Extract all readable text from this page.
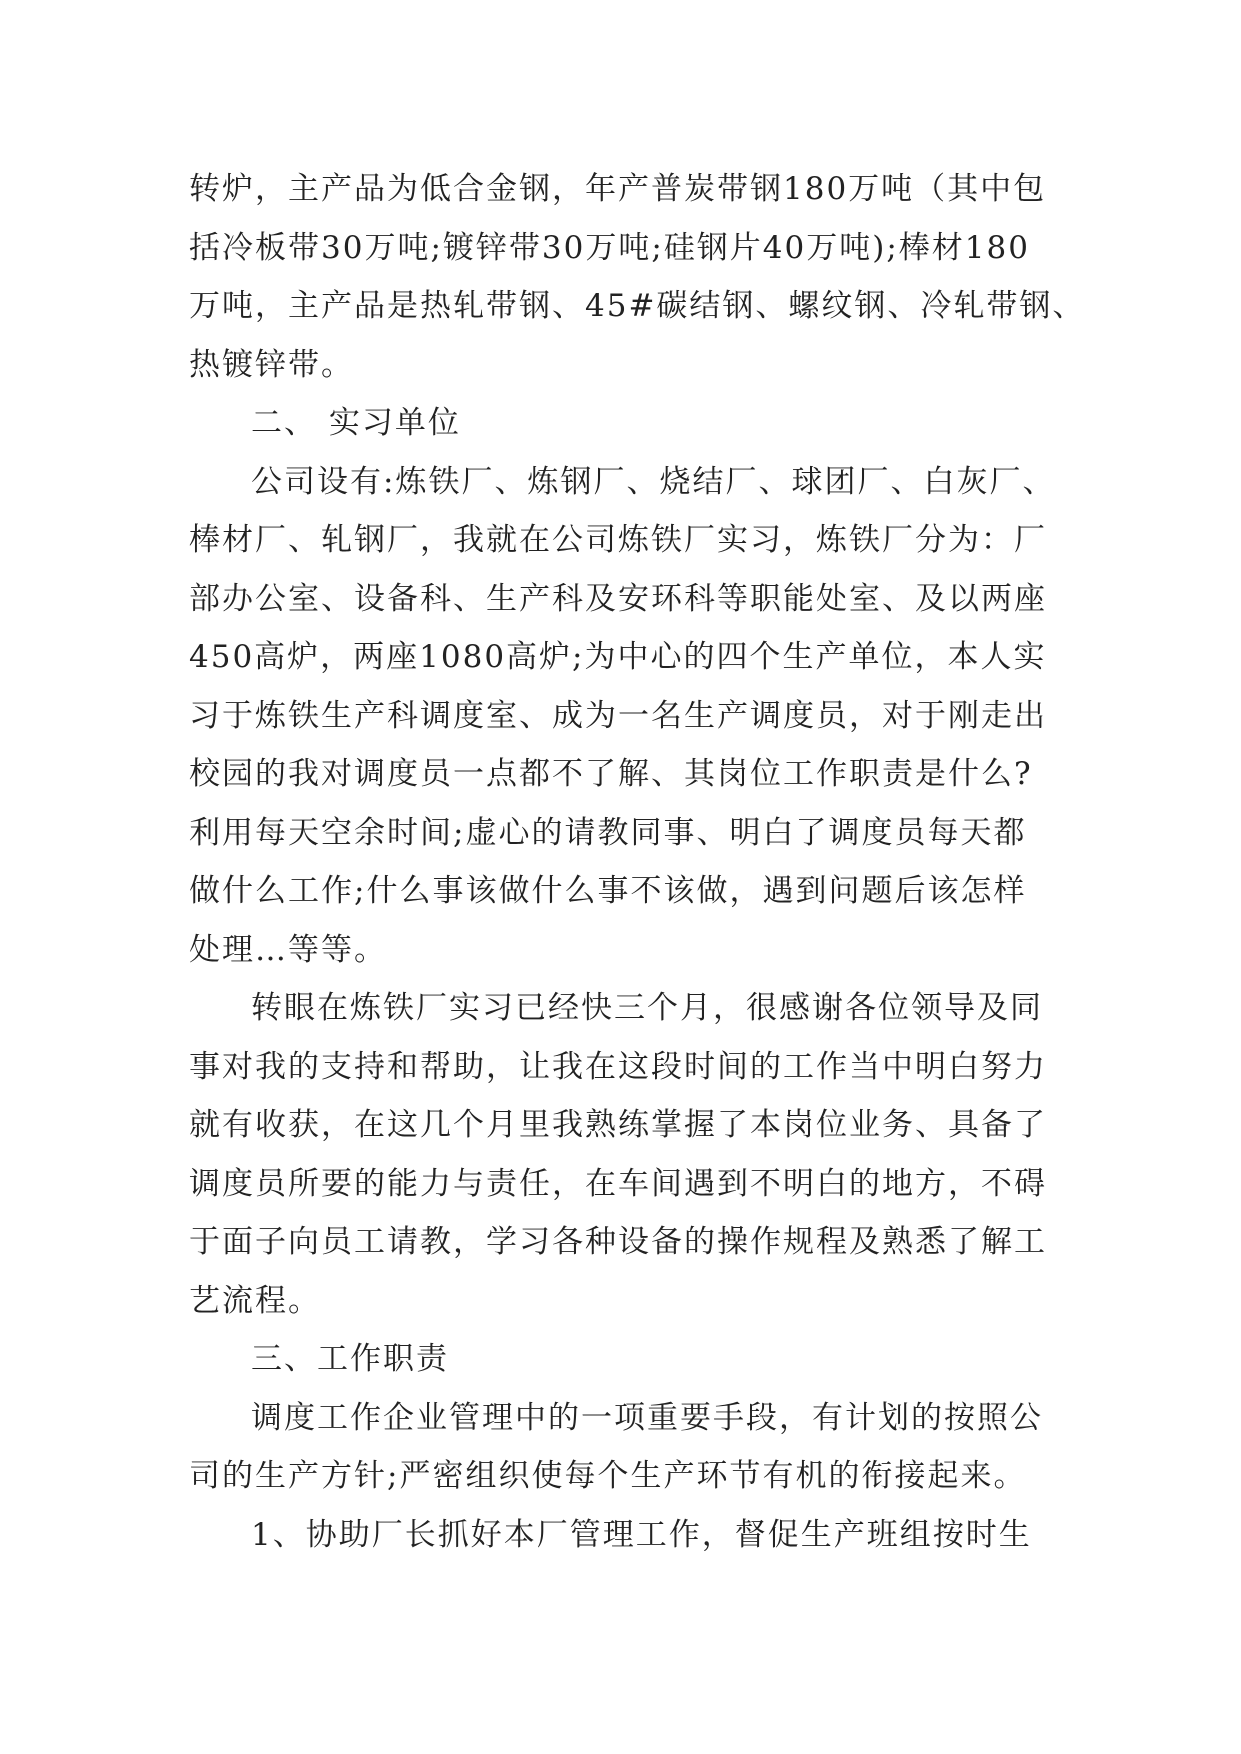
转炉，主产品为低合金钢，年产普炭带钢180万吨（其中包
括冷板带30万吨;镀锌带30万吨;硅钢片40万吨);棒材180
万吨，主产品是热轧带钢、45#碳结钢、螺纹钢、冷轧带钢、
热镀锌带。
二、 实习单位
公司设有:炼铁厂、炼钢厂、烧结厂、球团厂、白灰厂、
棒材厂、轧钢厂，我就在公司炼铁厂实习，炼铁厂分为：厂
部办公室、设备科、生产科及安环科等职能处室、及以两座
450高炉，两座1080高炉;为中心的四个生产单位，本人实
习于炼铁生产科调度室、成为一名生产调度员，对于刚走出
校园的我对调度员一点都不了解、其岗位工作职责是什么?
利用每天空余时间;虚心的请教同事、明白了调度员每天都
做什么工作;什么事该做什么事不该做，遇到问题后该怎样
处理…等等。
转眼在炼铁厂实习已经快三个月，很感谢各位领导及同
事对我的支持和帮助，让我在这段时间的工作当中明白努力
就有收获，在这几个月里我熟练掌握了本岗位业务、具备了
调度员所要的能力与责任，在车间遇到不明白的地方，不碍
于面子向员工请教，学习各种设备的操作规程及熟悉了解工
艺流程。
三、工作职责
调度工作企业管理中的一项重要手段，有计划的按照公
司的生产方针;严密组织使每个生产环节有机的衔接起来。
1、协助厂长抓好本厂管理工作，督促生产班组按时生
